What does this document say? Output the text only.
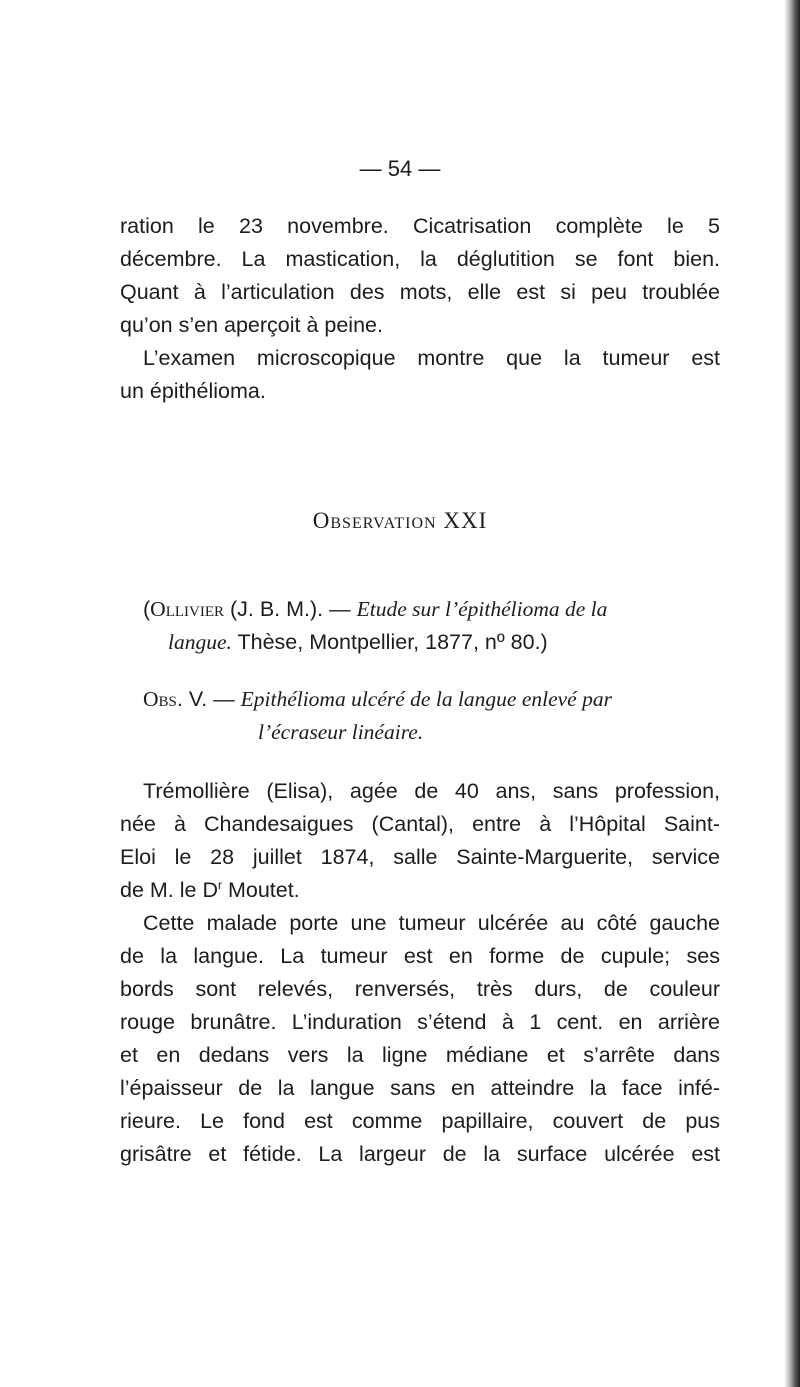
— 54 —
ration le 23 novembre. Cicatrisation complète le 5
décembre. La mastication, la déglutition se font bien.
Quant à l’articulation des mots, elle est si peu troublée
qu’on s’en aperçoit à peine.
L’examen microscopique montre que la tumeur est
un épithélioma.
Observation XXI
(Ollivier (J. B. M.). — Etude sur l’épithélioma de la
langue. Thèse, Montpellier, 1877, nº 80.)
Obs. V. — Epithélioma ulcéré de la langue enlevé par
l’écraseur linéaire.
Trémollière (Elisa), agée de 40 ans, sans profession,
née à Chandesaigues (Cantal), entre à l’Hôpital Saint-
Eloi le 28 juillet 1874, salle Sainte-Marguerite, service
de M. le $D^r$ Moutet.
Cette malade porte une tumeur ulcérée au côté gauche
de la langue. La tumeur est en forme de cupule; ses
bords sont relevés, renversés, très durs, de couleur
rouge brunâtre. L’induration s’étend à 1 cent. en arrière
et en dedans vers la ligne médiane et s’arrête dans
l’épaisseur de la langue sans en atteindre la face infé-
rieure. Le fond est comme papillaire, couvert de pus
grisâtre et fétide. La largeur de la surface ulcérée est
